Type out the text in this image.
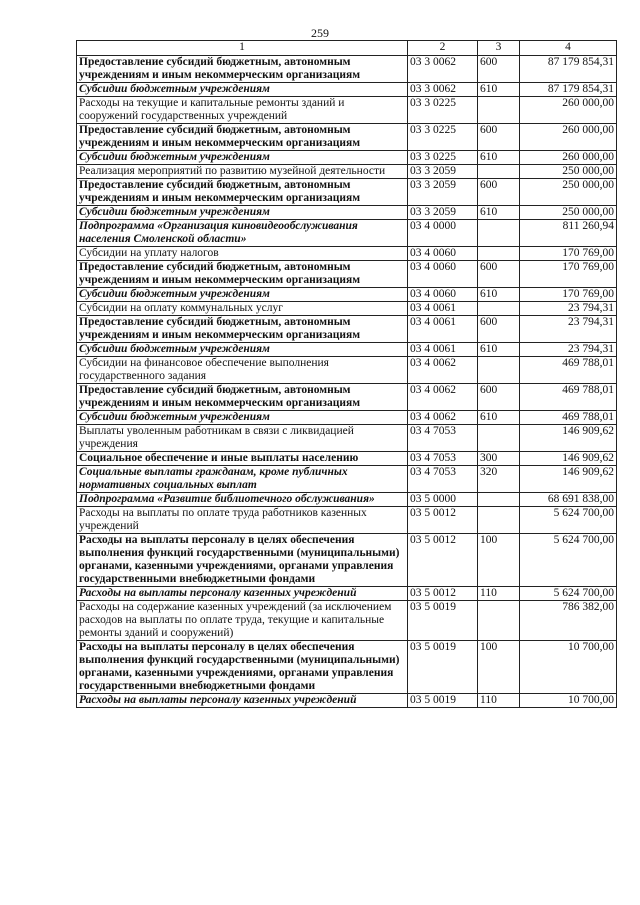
259
1	2	3	4
Предоставление субсидий бюджетным, автономным учреждениям и иным некоммерческим организациям	03 3 0062	600	87 179 854,31
Субсидии бюджетным учреждениям	03 3 0062	610	87 179 854,31
Расходы на текущие и капитальные ремонты зданий и сооружений государственных учреждений	03 3 0225		260 000,00
Предоставление субсидий бюджетным, автономным учреждениям и иным некоммерческим организациям	03 3 0225	600	260 000,00
Субсидии бюджетным учреждениям	03 3 0225	610	260 000,00
Реализация мероприятий по развитию музейной деятельности	03 3 2059		250 000,00
Предоставление субсидий бюджетным, автономным учреждениям и иным некоммерческим организациям	03 3 2059	600	250 000,00
Субсидии бюджетным учреждениям	03 3 2059	610	250 000,00
Подпрограмма «Организация киновидеообслуживания населения Смоленской области»	03 4 0000		811 260,94
Субсидии на уплату налогов	03 4 0060		170 769,00
Предоставление субсидий бюджетным, автономным учреждениям и иным некоммерческим организациям	03 4 0060	600	170 769,00
Субсидии бюджетным учреждениям	03 4 0060	610	170 769,00
Субсидии на оплату коммунальных услуг	03 4 0061		23 794,31
Предоставление субсидий бюджетным, автономным учреждениям и иным некоммерческим организациям	03 4 0061	600	23 794,31
Субсидии бюджетным учреждениям	03 4 0061	610	23 794,31
Субсидии на финансовое обеспечение выполнения государственного задания	03 4 0062		469 788,01
Предоставление субсидий бюджетным, автономным учреждениям и иным некоммерческим организациям	03 4 0062	600	469 788,01
Субсидии бюджетным учреждениям	03 4 0062	610	469 788,01
Выплаты уволенным работникам в связи с ликвидацией учреждения	03 4 7053		146 909,62
Социальное обеспечение и иные выплаты населению	03 4 7053	300	146 909,62
Социальные выплаты гражданам, кроме публичных нормативных социальных выплат	03 4 7053	320	146 909,62
Подпрограмма «Развитие библиотечного обслуживания»	03 5 0000		68 691 838,00
Расходы на выплаты по оплате труда работников казенных учреждений	03 5 0012		5 624 700,00
Расходы на выплаты персоналу в целях обеспечения выполнения функций государственными (муниципальными) органами, казенными учреждениями, органами управления государственными внебюджетными фондами	03 5 0012	100	5 624 700,00
Расходы на выплаты персоналу казенных учреждений	03 5 0012	110	5 624 700,00
Расходы на содержание казенных учреждений (за исключением расходов на выплаты по оплате труда, текущие и капитальные ремонты зданий и сооружений)	03 5 0019		786 382,00
Расходы на выплаты персоналу в целях обеспечения выполнения функций государственными (муниципальными) органами, казенными учреждениями, органами управления государственными внебюджетными фондами	03 5 0019	100	10 700,00
Расходы на выплаты персоналу казенных учреждений	03 5 0019	110	10 700,00
